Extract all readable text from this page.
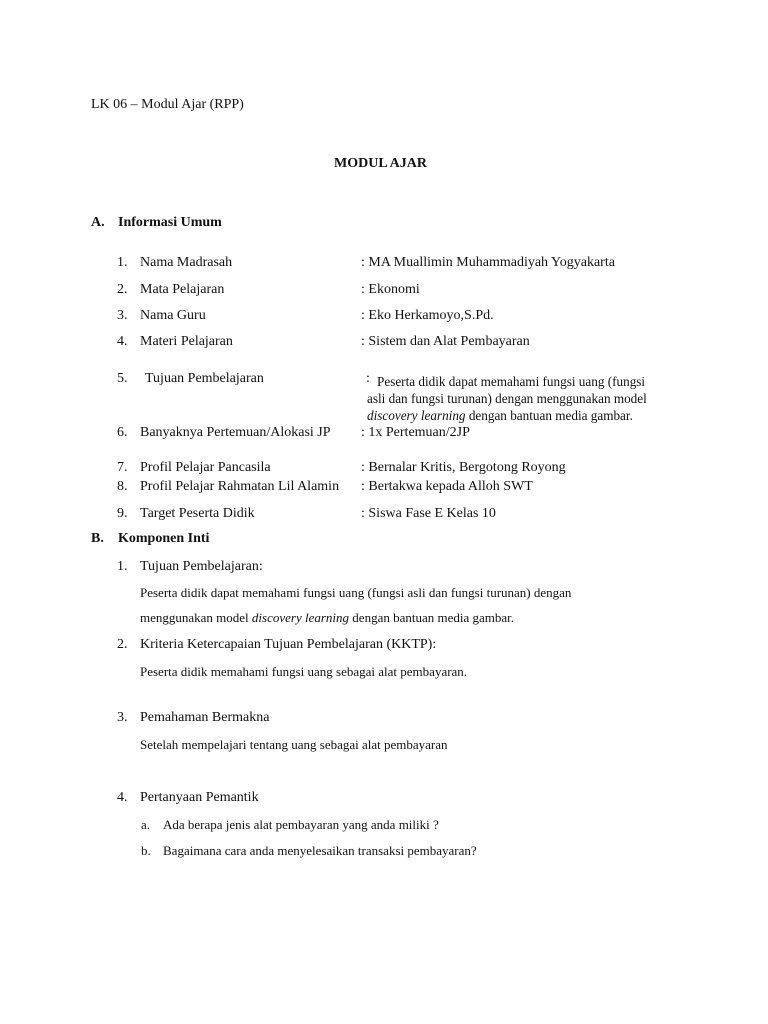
LK 06 – Modul Ajar (RPP)
MODUL AJAR
A. Informasi Umum
1. Nama Madrasah	: MA Muallimin Muhammadiyah Yogyakarta
2. Mata Pelajaran	: Ekonomi
3. Nama Guru	: Eko Herkamoyo,S.Pd.
4. Materi Pelajaran	: Sistem dan Alat Pembayaran
5. Tujuan Pembelajaran	: Peserta didik dapat memahami fungsi uang (fungsi
asli dan fungsi turunan) dengan menggunakan model
discovery learning dengan bantuan media gambar.
6. Banyaknya Pertemuan/Alokasi JP : 1x Pertemuan/2JP
7. Profil Pelajar Pancasila	: Bernalar Kritis, Bergotong Royong
8. Profil Pelajar Rahmatan Lil Alamin : Bertakwa kepada Alloh SWT
9. Target Peserta Didik	: Siswa Fase E Kelas 10
B. Komponen Inti
1. Tujuan Pembelajaran:
Peserta didik dapat memahami fungsi uang (fungsi asli dan fungsi turunan) dengan
menggunakan model discovery learning dengan bantuan media gambar.
2. Kriteria Ketercapaian Tujuan Pembelajaran (KKTP):
Peserta didik memahami fungsi uang sebagai alat pembayaran.
3. Pemahaman Bermakna
Setelah mempelajari tentang uang sebagai alat pembayaran
4. Pertanyaan Pemantik
a. Ada berapa jenis alat pembayaran yang anda miliki ?
b. Bagaimana cara anda menyelesaikan transaksi pembayaran?
